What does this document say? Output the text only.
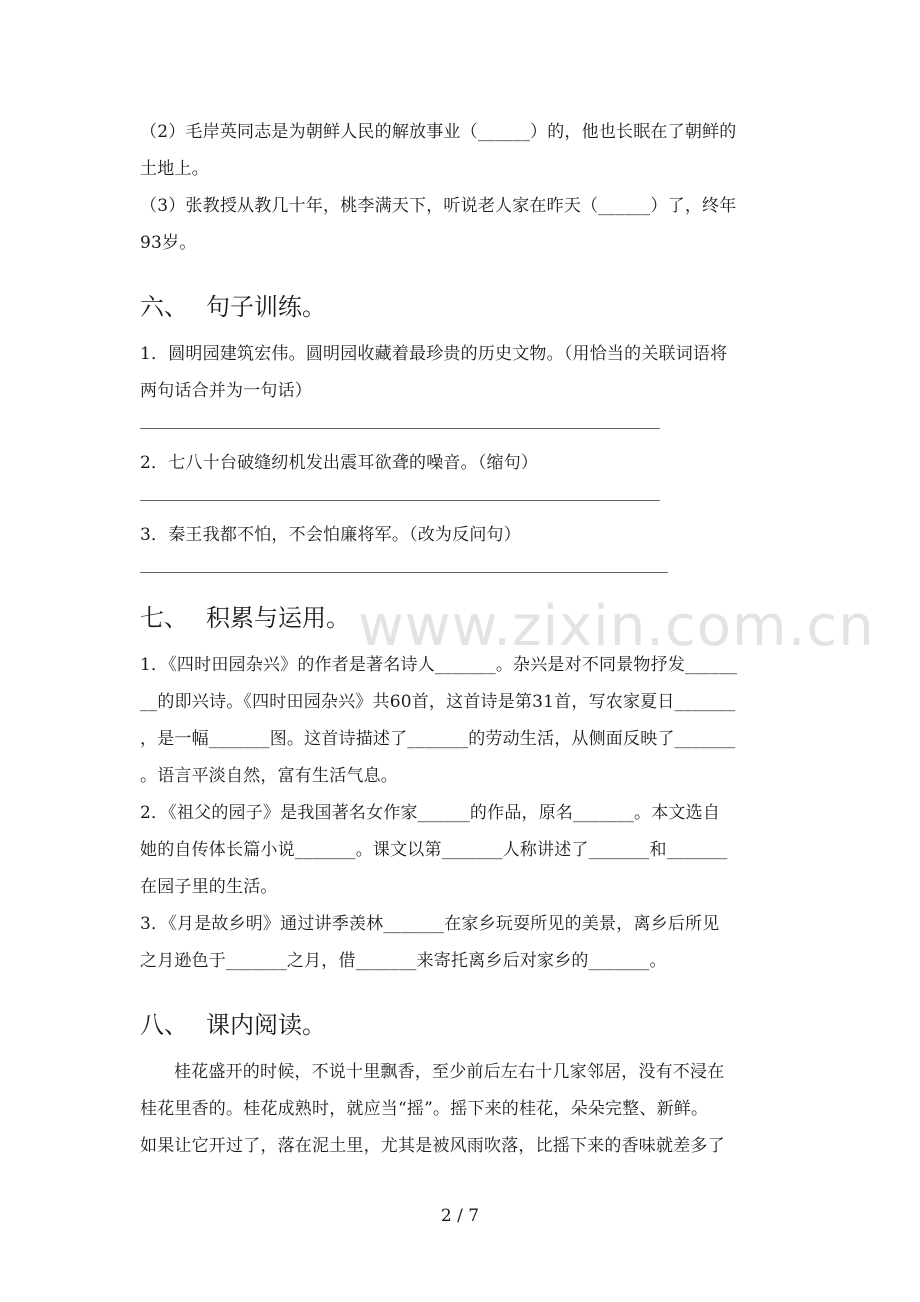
www.zixin.com.cn
（2）毛岸英同志是为朝鲜人民的解放事业（______）的，他也长眠在了朝鲜的
土地上。
（3）张教授从教几十年，桃李满天下，听说老人家在昨天（______）了，终年
93岁。
六、 句子训练。
1．圆明园建筑宏伟。圆明园收藏着最珍贵的历史文物。（用恰当的关联词语将
两句话合并为一句话）
2．七八十台破缝纫机发出震耳欲聋的噪音。（缩句）
3．秦王我都不怕，不会怕廉将军。（改为反问句）
七、 积累与运用。
1．《四时田园杂兴》的作者是著名诗人_______。杂兴是对不同景物抒发______
__的即兴诗。《四时田园杂兴》共60首，这首诗是第31首，写农家夏日_______
，是一幅_______图。这首诗描述了_______的劳动生活，从侧面反映了_______
。语言平淡自然，富有生活气息。
2．《祖父的园子》是我国著名女作家______的作品，原名_______。本文选自
她的自传体长篇小说_______。课文以第_______人称讲述了_______和_______
在园子里的生活。
3．《月是故乡明》通过讲季羡林_______在家乡玩耍所见的美景，离乡后所见
之月逊色于_______之月，借_______来寄托离乡后对家乡的_______。
八、 课内阅读。
桂花盛开的时候，不说十里飘香，至少前后左右十几家邻居，没有不浸在
桂花里香的。桂花成熟时，就应当“摇”。摇下来的桂花，朵朵完整、新鲜。
如果让它开过了，落在泥土里，尤其是被风雨吹落，比摇下来的香味就差多了
2 / 7
